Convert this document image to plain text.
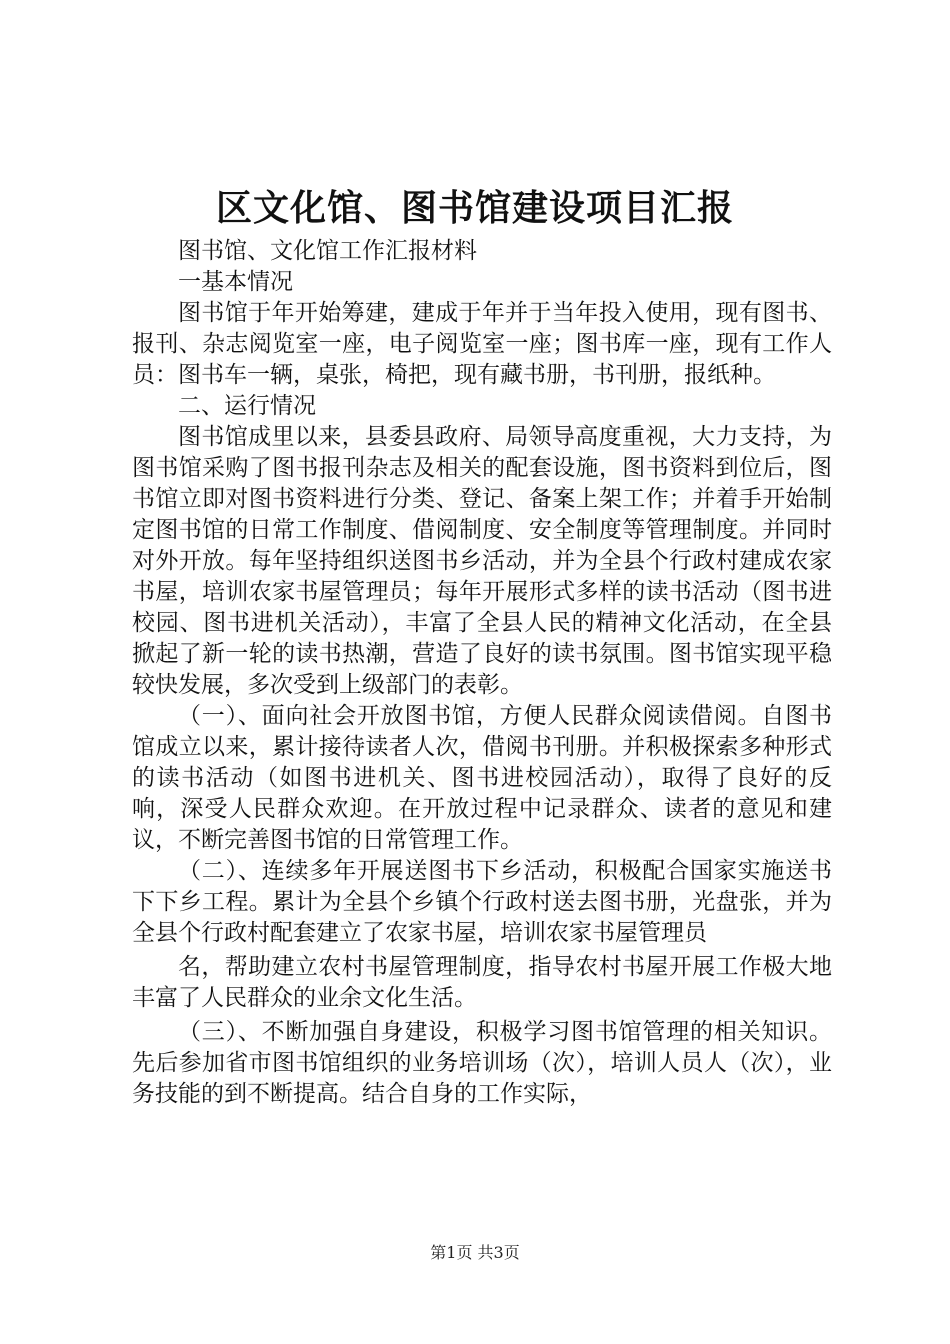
区文化馆、图书馆建设项目汇报

图书馆、文化馆工作汇报材料

一基本情况

图书馆于年开始筹建，建成于年并于当年投入使用，现有图书、报刊、杂志阅览室一座，电子阅览室一座；图书库一座，现有工作人员：图书车一辆，桌张，椅把，现有藏书册，书刊册，报纸种。

二、运行情况

图书馆成里以来，县委县政府、局领导高度重视，大力支持，为图书馆采购了图书报刊杂志及相关的配套设施，图书资料到位后，图书馆立即对图书资料进行分类、登记、备案上架工作；并着手开始制定图书馆的日常工作制度、借阅制度、安全制度等管理制度。并同时对外开放。每年坚持组织送图书乡活动，并为全县个行政村建成农家书屋，培训农家书屋管理员；每年开展形式多样的读书活动（图书进校园、图书进机关活动），丰富了全县人民的精神文化活动，在全县掀起了新一轮的读书热潮，营造了良好的读书氛围。图书馆实现平稳较快发展，多次受到上级部门的表彰。

（一）、面向社会开放图书馆，方便人民群众阅读借阅。自图书馆成立以来，累计接待读者人次，借阅书刊册。并积极探索多种形式的读书活动（如图书进机关、图书进校园活动），取得了良好的反响，深受人民群众欢迎。在开放过程中记录群众、读者的意见和建议，不断完善图书馆的日常管理工作。

（二）、连续多年开展送图书下乡活动，积极配合国家实施送书下下乡工程。累计为全县个乡镇个行政村送去图书册，光盘张，并为全县个行政村配套建立了农家书屋，培训农家书屋管理员

名，帮助建立农村书屋管理制度，指导农村书屋开展工作极大地丰富了人民群众的业余文化生活。

（三）、不断加强自身建设，积极学习图书馆管理的相关知识。先后参加省市图书馆组织的业务培训场（次），培训人员人（次），业务技能的到不断提高。结合自身的工作实际，

第1页 共3页
